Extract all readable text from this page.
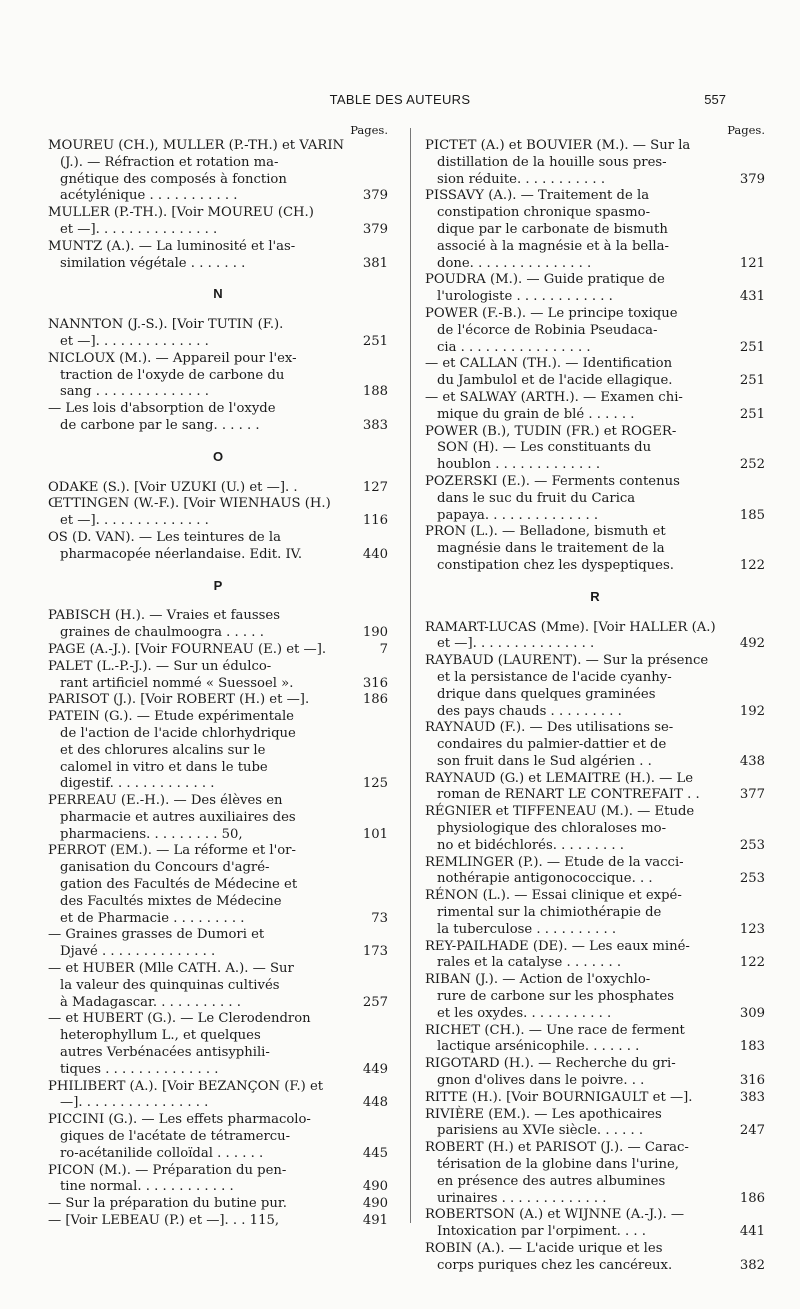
TABLE DES AUTEURS	557
Pages.
MOUREU (CH.), MULLER (P.-TH.) et VARIN
(J.). — Réfraction et rotation ma-
gnétique des composés à fonction
acétylénique . . . . . . . . . . .	379
MULLER (P.-TH.). [Voir MOUREU (CH.)
et —]. . . . . . . . . . . . . . .	379
MUNTZ (A.). — La luminosité et l'as-
similation végétale . . . . . . .	381
N
NANNTON (J.-S.). [Voir TUTIN (F.).
et —]. . . . . . . . . . . . . .	251
NICLOUX (M.). — Appareil pour l'ex-
traction de l'oxyde de carbone du
sang . . . . . . . . . . . . . .	188
— Les lois d'absorption de l'oxyde
de carbone par le sang. . . . . .	383
O
ODAKE (S.). [Voir UZUKI (U.) et —]. .	127
ŒTTINGEN (W.-F.). [Voir WIENHAUS (H.)
et —]. . . . . . . . . . . . . .	116
OS (D. VAN). — Les teintures de la
pharmacopée néerlandaise. Edit. IV.	440
P
PABISCH (H.). — Vraies et fausses
graines de chaulmoogra . . . . .	190
PAGE (A.-J.). [Voir FOURNEAU (E.) et —].	7
PALET (L.-P.-J.). — Sur un édulco-
rant artificiel nommé « Suessoel ».	316
PARISOT (J.). [Voir ROBERT (H.) et —].	186
PATEIN (G.). — Etude expérimentale
de l'action de l'acide chlorhydrique
et des chlorures alcalins sur le
calomel in vitro et dans le tube
digestif. . . . . . . . . . . . .	125
PERREAU (E.-H.). — Des élèves en
pharmacie et autres auxiliaires des
pharmaciens. . . . . . . . . 50,	101
PERROT (EM.). — La réforme et l'or-
ganisation du Concours d'agré-
gation des Facultés de Médecine et
des Facultés mixtes de Médecine
et de Pharmacie . . . . . . . . .	73
— Graines grasses de Dumori et
Djavé . . . . . . . . . . . . . .	173
— et HUBER (Mlle CATH. A.). — Sur
la valeur des quinquinas cultivés
à Madagascar. . . . . . . . . . .	257
— et HUBERT (G.). — Le Clerodendron
heterophyllum L., et quelques
autres Verbénacées antisyphili-
tiques . . . . . . . . . . . . . .	449
PHILIBERT (A.). [Voir BEZANÇON (F.) et
—]. . . . . . . . . . . . . . . .	448
PICCINI (G.). — Les effets pharmacolo-
giques de l'acétate de tétramercu-
ro-acétanilide colloïdal . . . . . .	445
PICON (M.). — Préparation du pen-
tine normal. . . . . . . . . . . .	490
— Sur la préparation du butine pur.	490
— [Voir LEBEAU (P.) et —]. . . 115,	491
Pages.
PICTET (A.) et BOUVIER (M.). — Sur la
distillation de la houille sous pres-
sion réduite. . . . . . . . . . .	379
PISSAVY (A.). — Traitement de la
constipation chronique spasmo-
dique par le carbonate de bismuth
associé à la magnésie et à la bella-
done. . . . . . . . . . . . . . .	121
POUDRA (M.). — Guide pratique de
l'urologiste . . . . . . . . . . . .	431
POWER (F.-B.). — Le principe toxique
de l'écorce de Robinia Pseudaca-
cia . . . . . . . . . . . . . . . .	251
— et CALLAN (TH.). — Identification
du Jambulol et de l'acide ellagique.	251
— et SALWAY (ARTH.). — Examen chi-
mique du grain de blé . . . . . .	251
POWER (B.), TUDIN (FR.) et ROGER-
SON (H). — Les constituants du
houblon . . . . . . . . . . . . .	252
POZERSKI (E.). — Ferments contenus
dans le suc du fruit du Carica
papaya. . . . . . . . . . . . . .	185
PRON (L.). — Belladone, bismuth et
magnésie dans le traitement de la
constipation chez les dyspeptiques.	122
R
RAMART-LUCAS (Mme). [Voir HALLER (A.)
et —]. . . . . . . . . . . . . . .	492
RAYBAUD (LAURENT). — Sur la présence
et la persistance de l'acide cyanhy-
drique dans quelques graminées
des pays chauds . . . . . . . . .	192
RAYNAUD (F.). — Des utilisations se-
condaires du palmier-dattier et de
son fruit dans le Sud algérien . .	438
RAYNAUD (G.) et LEMAITRE (H.). — Le
roman de RENART LE CONTREFAIT . .	377
RÉGNIER et TIFFENEAU (M.). — Etude
physiologique des chloraloses mo-
no et bidéchlorés. . . . . . . . .	253
REMLINGER (P.). — Etude de la vacci-
nothérapie antigonococcique. . .	253
RÉNON (L.). — Essai clinique et expé-
rimental sur la chimiothérapie de
la tuberculose . . . . . . . . . .	123
REY-PAILHADE (DE). — Les eaux miné-
rales et la catalyse . . . . . . .	122
RIBAN (J.). — Action de l'oxychlo-
rure de carbone sur les phosphates
et les oxydes. . . . . . . . . . .	309
RICHET (CH.). — Une race de ferment
lactique arsénicophile. . . . . . .	183
RIGOTARD (H.). — Recherche du gri-
gnon d'olives dans le poivre. . .	316
RITTE (H.). [Voir BOURNIGAULT et —].	383
RIVIÈRE (EM.). — Les apothicaires
parisiens au XVIe siècle. . . . . .	247
ROBERT (H.) et PARISOT (J.). — Carac-
térisation de la globine dans l'urine,
en présence des autres albumines
urinaires . . . . . . . . . . . . .	186
ROBERTSON (A.) et WIJNNE (A.-J.). —
Intoxication par l'orpiment. . . .	441
ROBIN (A.). — L'acide urique et les
corps puriques chez les cancéreux.	382
